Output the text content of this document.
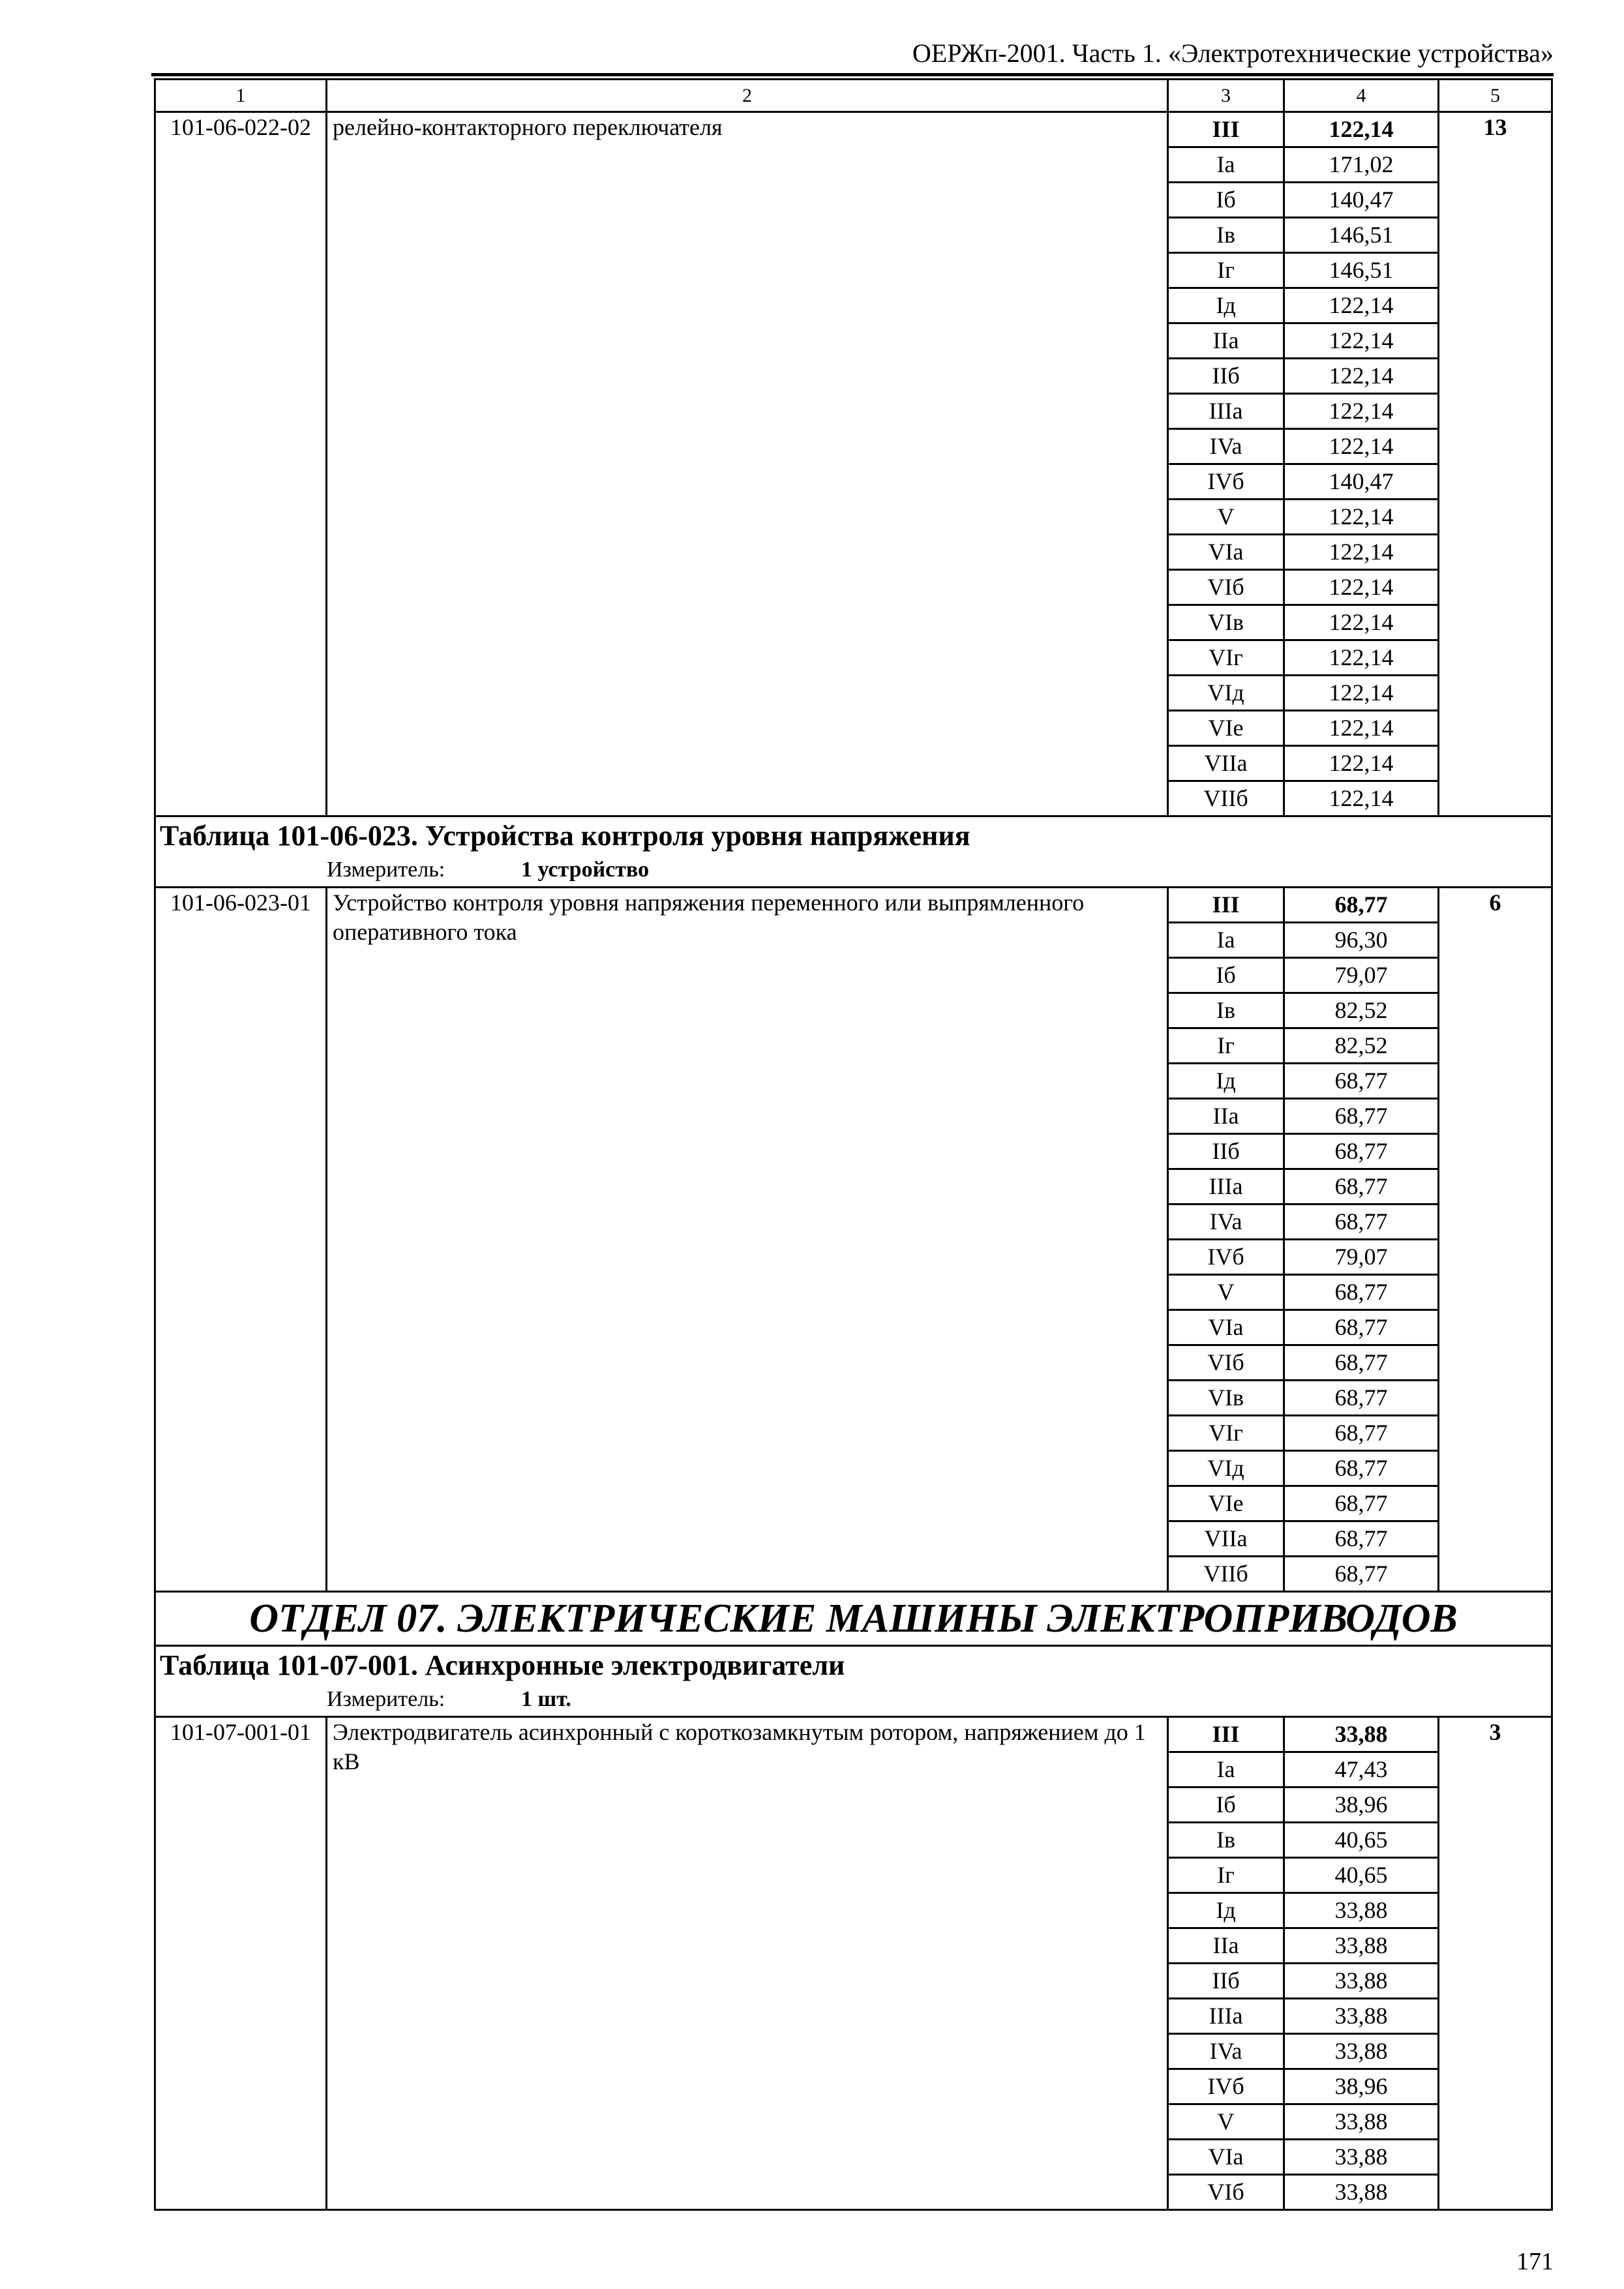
ОЕРЖп-2001. Часть 1. «Электротехнические устройства»
1	2	3	4	5
101-06-022-02	релейно-контакторного переключателя	III	122,14	13
		Ia	171,02	
		Iб	140,47	
		Iв	146,51	
		Iг	146,51	
		Iд	122,14	
		IIa	122,14	
		IIб	122,14	
		IIIa	122,14	
		IVa	122,14	
		IVб	140,47	
		V	122,14	
		VIa	122,14	
		VIб	122,14	
		VIв	122,14	
		VIг	122,14	
		VIд	122,14	
		VIe	122,14	
		VIIa	122,14	
		VIIб	122,14	
Таблица 101-06-023. Устройства контроля уровня напряжения				

Измеритель: 1 устройство				

101-06-023-01	Устройство контроля уровня напряжения переменного или выпрямленного оперативного тока	III	68,77	6
		Ia	96,30	
		Iб	79,07	
		Iв	82,52	
		Iг	82,52	
		Iд	68,77	
		IIa	68,77	
		IIб	68,77	
		IIIa	68,77	
		IVa	68,77	
		IVб	79,07	
		V	68,77	
		VIa	68,77	
		VIб	68,77	
		VIв	68,77	
		VIг	68,77	
		VIд	68,77	
		VIe	68,77	
		VIIa	68,77	
		VIIб	68,77	
ОТДЕЛ 07. ЭЛЕКТРИЧЕСКИЕ МАШИНЫ ЭЛЕКТРОПРИВОДОВ				
Таблица 101-07-001. Асинхронные электродвигатели				

Измеритель: 1 шт.				

101-07-001-01	Электродвигатель асинхронный с короткозамкнутым ротором, напряжением до 1 кВ	III	33,88	3
		Ia	47,43	
		Iб	38,96	
		Iв	40,65	
		Iг	40,65	
		Iд	33,88	
		IIa	33,88	
		IIб	33,88	
		IIIa	33,88	
		IVa	33,88	
		IVб	38,96	
		V	33,88	
		VIa	33,88	
		VIб	33,88	
171
